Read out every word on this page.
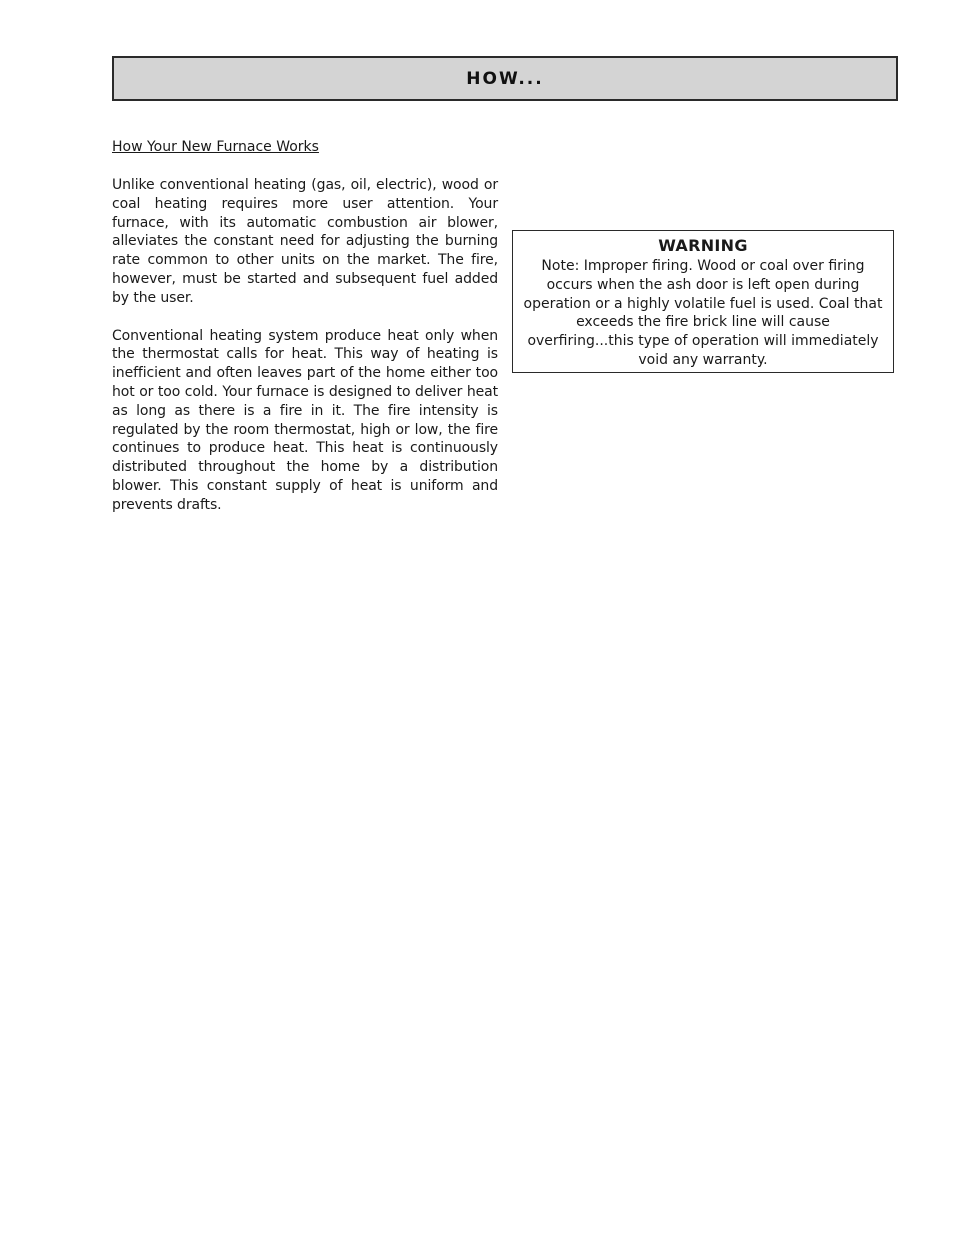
HOW...

How Your New Furnace Works

Unlike conventional heating (gas, oil, electric), wood or coal heating requires more user attention. Your furnace, with its automatic combustion air blower, alleviates the constant need for adjusting the burning rate common to other units on the market. The fire, however, must be started and subsequent fuel added by the user.

Conventional heating system produce heat only when the thermostat calls for heat. This way of heating is inefficient and often leaves part of the home either too hot or too cold. Your furnace is designed to deliver heat as long as there is a fire in it. The fire intensity is regulated by the room thermostat, high or low, the fire continues to produce heat. This heat is continuously distributed throughout the home by a distribution blower. This constant supply of heat is uniform and prevents drafts.

WARNING

Note: Improper firing. Wood or coal over firing occurs when the ash door is left open during operation or a highly volatile fuel is used. Coal that exceeds the fire brick line will cause overfiring...this type of operation will immediately void any warranty.
